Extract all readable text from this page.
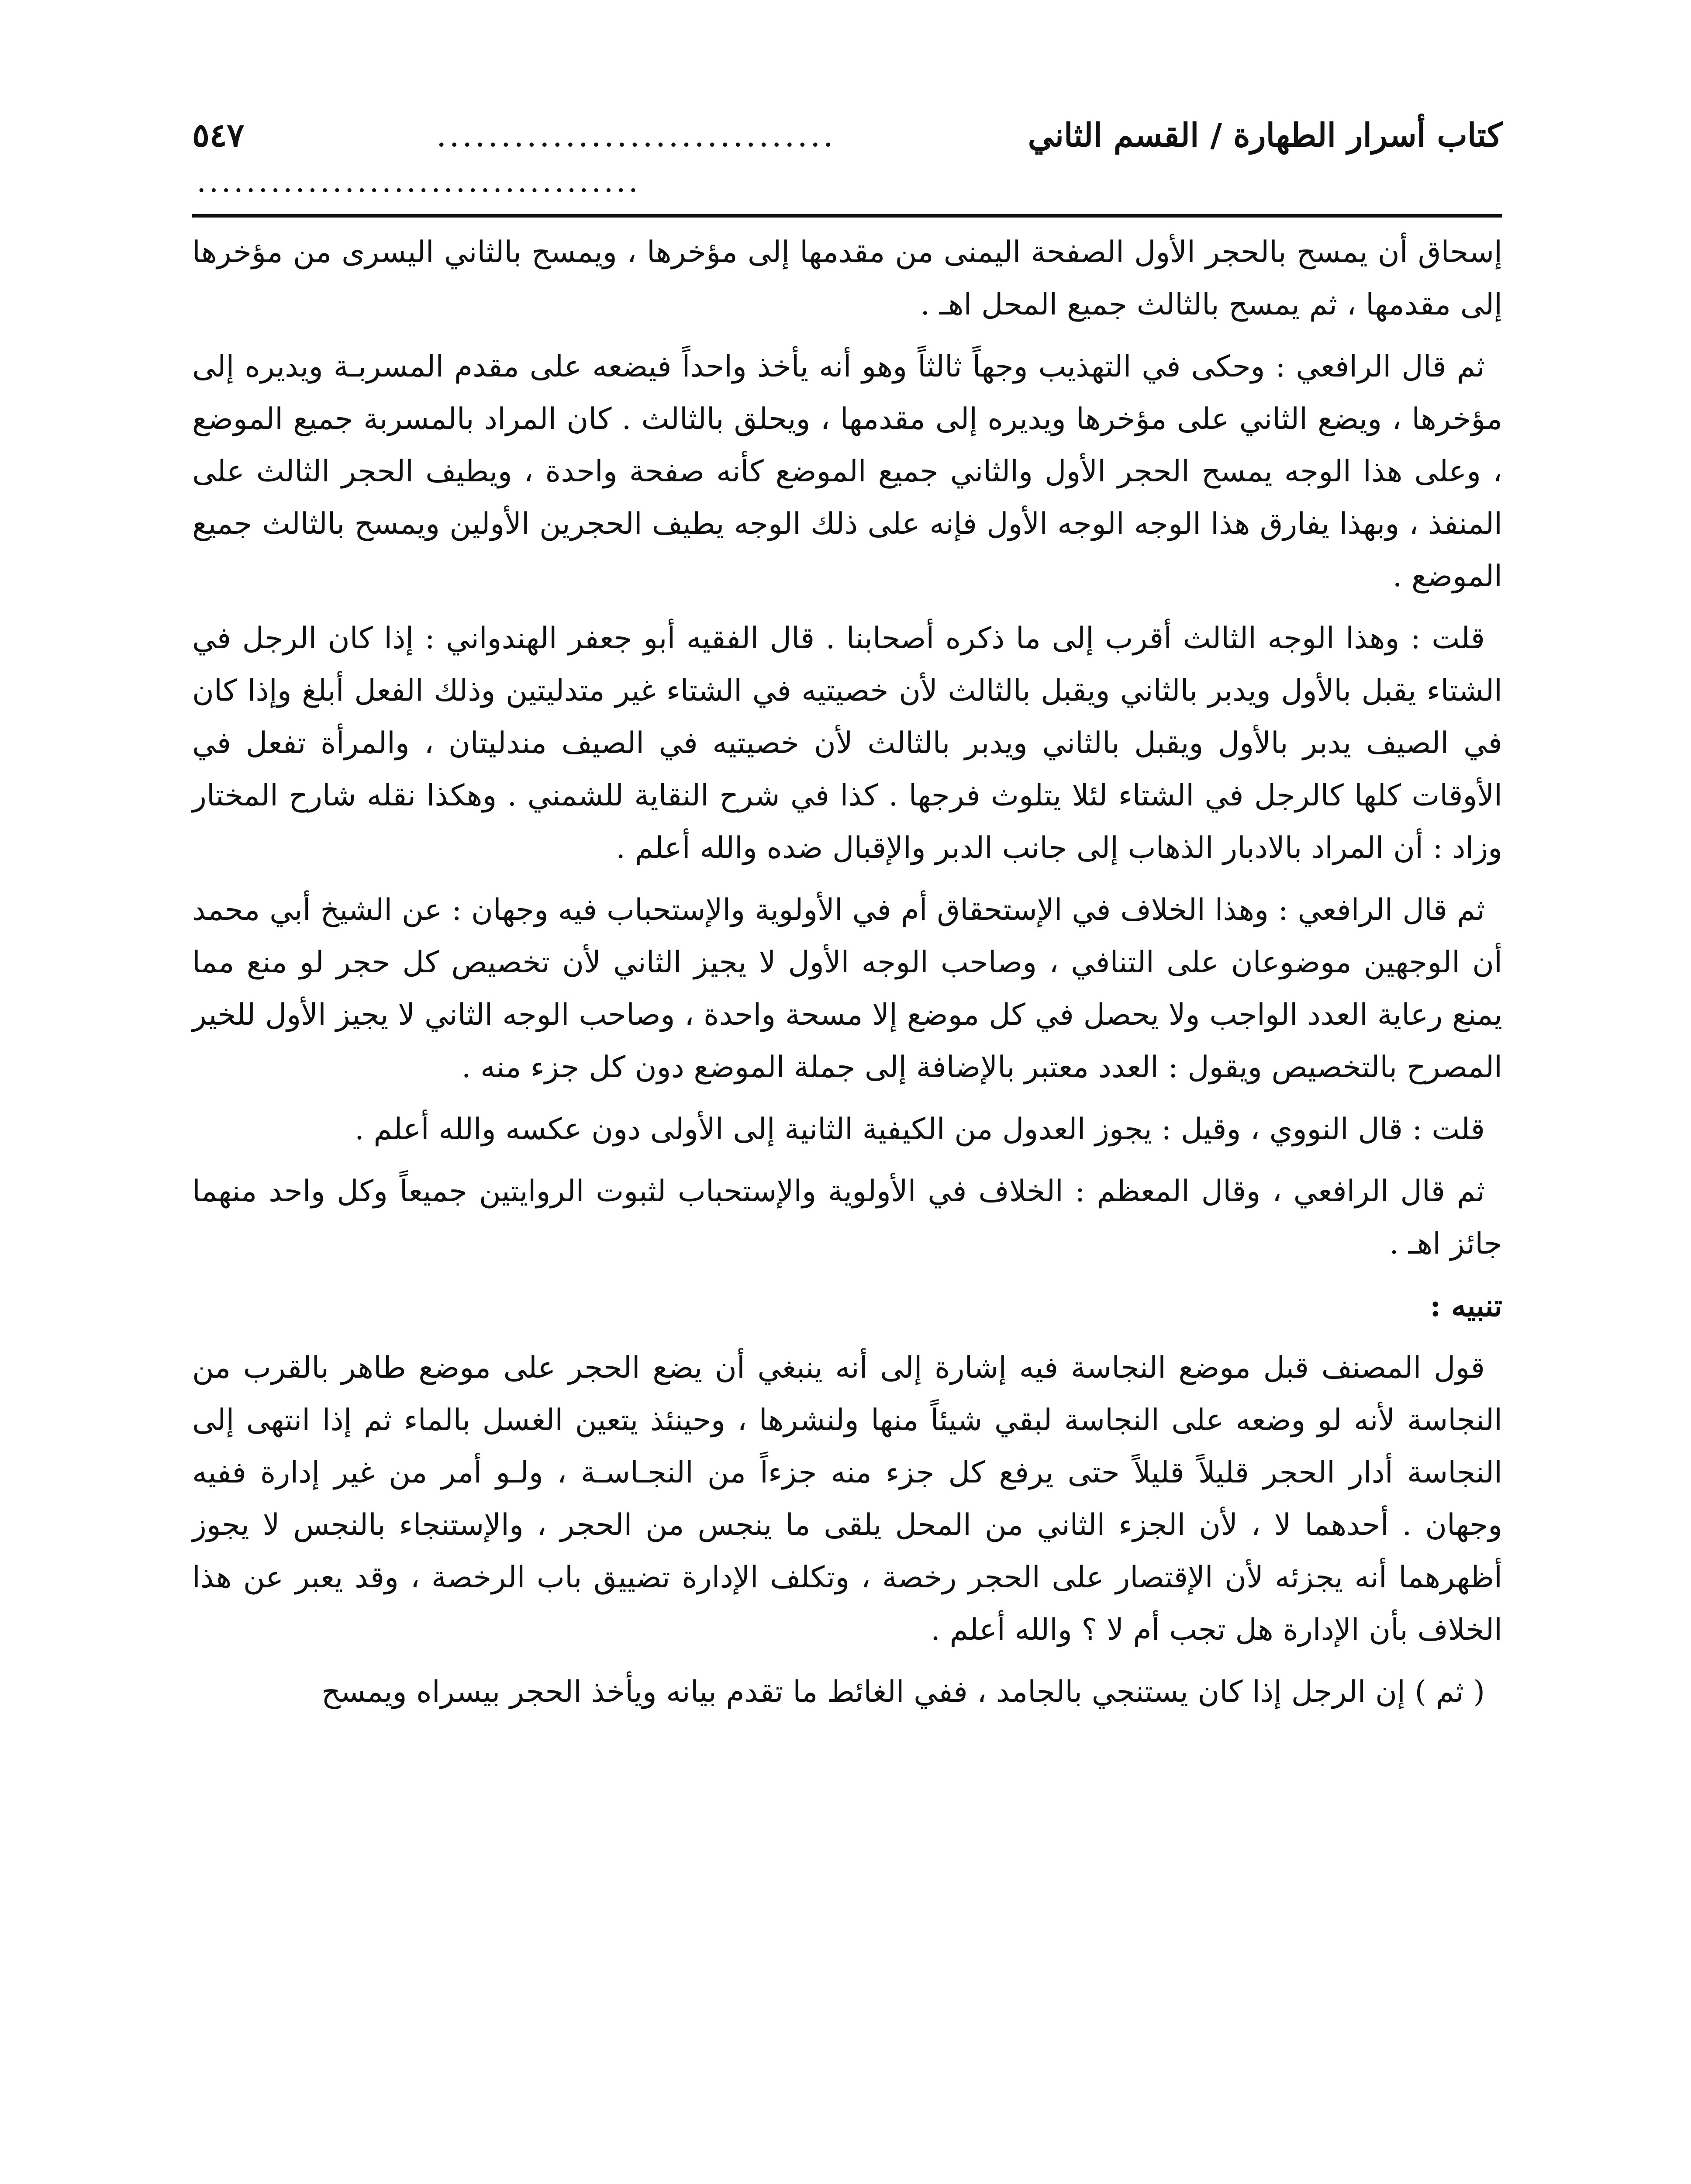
كتاب أسرار الطهارة / القسم الثاني
...............................
٥٤٧
....................................

إسحاق أن يمسح بالحجر الأول الصفحة اليمنى من مقدمها إلى مؤخرها ، ويمسح بالثاني اليسرى من مؤخرها إلى مقدمها ، ثم يمسح بالثالث جميع المحل اهـ .

ثم قال الرافعي : وحكى في التهذيب وجهاً ثالثاً وهو أنه يأخذ واحداً فيضعه على مقدم المسربـة ويديره إلى مؤخرها ، ويضع الثاني على مؤخرها ويديره إلى مقدمها ، ويحلق بالثالث . كان المراد بالمسربة جميع الموضع ، وعلى هذا الوجه يمسح الحجر الأول والثاني جميع الموضع كأنه صفحة واحدة ، ويطيف الحجر الثالث على المنفذ ، وبهذا يفارق هذا الوجه الوجه الأول فإنه على ذلك الوجه يطيف الحجرين الأولين ويمسح بالثالث جميع الموضع .

قلت : وهذا الوجه الثالث أقرب إلى ما ذكره أصحابنا . قال الفقيه أبو جعفر الهندواني : إذا كان الرجل في الشتاء يقبل بالأول ويدبر بالثاني ويقبل بالثالث لأن خصيتيه في الشتاء غير متدليتين وذلك الفعل أبلغ وإذا كان في الصيف يدبر بالأول ويقبل بالثاني ويدبر بالثالث لأن خصيتيه في الصيف مندليتان ، والمرأة تفعل في الأوقات كلها كالرجل في الشتاء لئلا يتلوث فرجها . كذا في شرح النقاية للشمني . وهكذا نقله شارح المختار وزاد : أن المراد بالادبار الذهاب إلى جانب الدبر والإقبال ضده والله أعلم .

ثم قال الرافعي : وهذا الخلاف في الإستحقاق أم في الأولوية والإستحباب فيه وجهان : عن الشيخ أبي محمد أن الوجهين موضوعان على التنافي ، وصاحب الوجه الأول لا يجيز الثاني لأن تخصيص كل حجر لو منع مما يمنع رعاية العدد الواجب ولا يحصل في كل موضع إلا مسحة واحدة ، وصاحب الوجه الثاني لا يجيز الأول للخير المصرح بالتخصيص ويقول : العدد معتبر بالإضافة إلى جملة الموضع دون كل جزء منه .

قلت : قال النووي ، وقيل : يجوز العدول من الكيفية الثانية إلى الأولى دون عكسه والله أعلم .

ثم قال الرافعي ، وقال المعظم : الخلاف في الأولوية والإستحباب لثبوت الروايتين جميعاً وكل واحد منهما جائز اهـ .

تنبيه :

قول المصنف قبل موضع النجاسة فيه إشارة إلى أنه ينبغي أن يضع الحجر على موضع طاهر بالقرب من النجاسة لأنه لو وضعه على النجاسة لبقي شيئاً منها ولنشرها ، وحينئذ يتعين الغسل بالماء ثم إذا انتهى إلى النجاسة أدار الحجر قليلاً قليلاً حتى يرفع كل جزء منه جزءاً من النجـاسـة ، ولـو أمر من غير إدارة ففيه وجهان . أحدهما لا ، لأن الجزء الثاني من المحل يلقى ما ينجس من الحجر ، والإستنجاء بالنجس لا يجوز أظهرهما أنه يجزئه لأن الإقتصار على الحجر رخصة ، وتكلف الإدارة تضييق باب الرخصة ، وقد يعبر عن هذا الخلاف بأن الإدارة هل تجب أم لا ؟ والله أعلم .

( ثم ) إن الرجل إذا كان يستنجي بالجامد ، ففي الغائط ما تقدم بيانه ويأخذ الحجر بيسراه ويمسح
